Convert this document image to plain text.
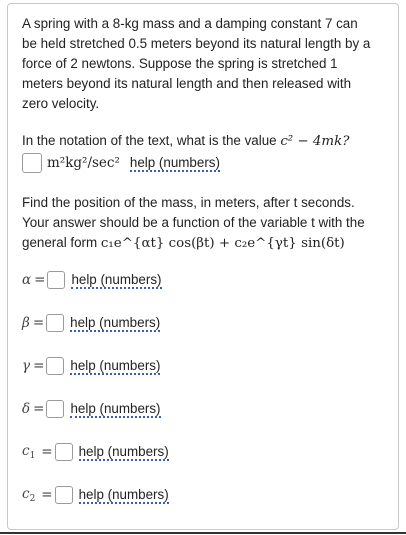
A spring with a 8-kg mass and a damping constant 7 can
be held stretched 0.5 meters beyond its natural length by a
force of 2 newtons. Suppose the spring is stretched 1
meters beyond its natural length and then released with
zero velocity.
In the notation of the text, what is the value c² − 4mk?
m²kg²/sec² help (numbers)
Find the position of the mass, in meters, after t seconds.
Your answer should be a function of the variable t with the
general form c₁e^{αt} cos(βt) + c₂e^{γt} sin(δt)
α = help (numbers)
β = help (numbers)
γ = help (numbers)
δ = help (numbers)
$c_1$ = help (numbers)
$c_2$ = help (numbers)
